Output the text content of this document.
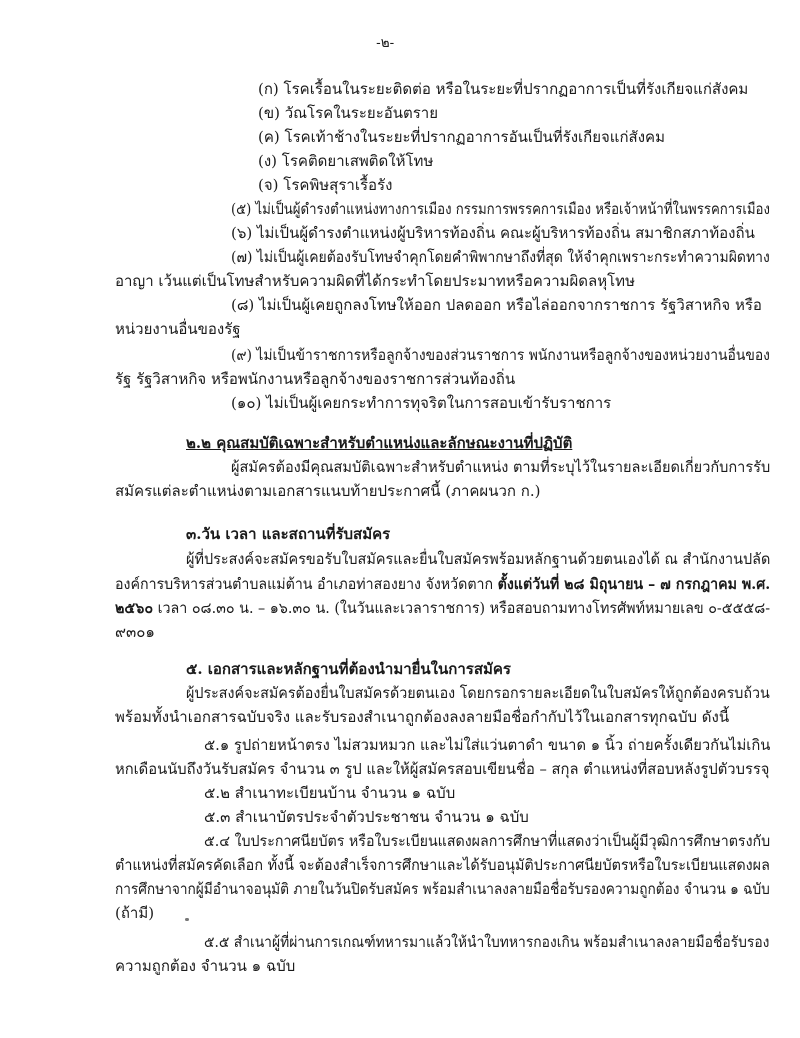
-๒-
(ก) โรคเรื้อนในระยะติดต่อ หรือในระยะที่ปรากฏอาการเป็นที่รังเกียจแก่สังคม
(ข) วัณโรคในระยะอันตราย
(ค) โรคเท้าช้างในระยะที่ปรากฏอาการอันเป็นที่รังเกียจแก่สังคม
(ง) โรคติดยาเสพติดให้โทษ
(จ) โรคพิษสุราเรื้อรัง
(๕) ไม่เป็นผู้ดำรงตำแหน่งทางการเมือง กรรมการพรรคการเมือง หรือเจ้าหน้าที่ในพรรคการเมือง
(๖) ไม่เป็นผู้ดำรงตำแหน่งผู้บริหารท้องถิ่น คณะผู้บริหารท้องถิ่น สมาชิกสภาท้องถิ่น
(๗) ไม่เป็นผู้เคยต้องรับโทษจำคุกโดยคำพิพากษาถึงที่สุด ให้จำคุกเพราะกระทำความผิดทาง
อาญา เว้นแต่เป็นโทษสำหรับความผิดที่ได้กระทำโดยประมาทหรือความผิดลหุโทษ
(๘) ไม่เป็นผู้เคยถูกลงโทษให้ออก ปลดออก หรือไล่ออกจากราชการ รัฐวิสาหกิจ หรือ
หน่วยงานอื่นของรัฐ
(๙) ไม่เป็นข้าราชการหรือลูกจ้างของส่วนราชการ พนักงานหรือลูกจ้างของหน่วยงานอื่นของ
รัฐ รัฐวิสาหกิจ หรือพนักงานหรือลูกจ้างของราชการส่วนท้องถิ่น
(๑๐) ไม่เป็นผู้เคยกระทำการทุจริตในการสอบเข้ารับราชการ
๒.๒ คุณสมบัติเฉพาะสำหรับตำแหน่งและลักษณะงานที่ปฏิบัติ
ผู้สมัครต้องมีคุณสมบัติเฉพาะสำหรับตำแหน่ง ตามที่ระบุไว้ในรายละเอียดเกี่ยวกับการรับ
สมัครแต่ละตำแหน่งตามเอกสารแนบท้ายประกาศนี้ (ภาคผนวก ก.)
๓.วัน เวลา และสถานที่รับสมัคร
ผู้ที่ประสงค์จะสมัครขอรับใบสมัครและยื่นใบสมัครพร้อมหลักฐานด้วยตนเองได้ ณ สำนักงานปลัด
องค์การบริหารส่วนตำบลแม่ต้าน อำเภอท่าสองยาง จังหวัดตาก ตั้งแต่วันที่ ๒๘ มิถุนายน – ๗ กรกฎาคม พ.ศ.
๒๕๖๐ เวลา ๐๘.๓๐ น. – ๑๖.๓๐ น. (ในวันและเวลาราชการ) หรือสอบถามทางโทรศัพท์หมายเลข ๐-๕๕๕๘-
๙๓๐๑
๕. เอกสารและหลักฐานที่ต้องนำมายื่นในการสมัคร
ผู้ประสงค์จะสมัครต้องยื่นใบสมัครด้วยตนเอง โดยกรอกรายละเอียดในใบสมัครให้ถูกต้องครบถ้วน
พร้อมทั้งนำเอกสารฉบับจริง และรับรองสำเนาถูกต้องลงลายมือชื่อกำกับไว้ในเอกสารทุกฉบับ ดังนี้
๕.๑ รูปถ่ายหน้าตรง ไม่สวมหมวก และไม่ใส่แว่นตาดำ ขนาด ๑ นิ้ว ถ่ายครั้งเดียวกันไม่เกิน
หกเดือนนับถึงวันรับสมัคร จำนวน ๓ รูป และให้ผู้สมัครสอบเขียนชื่อ – สกุล ตำแหน่งที่สอบหลังรูปตัวบรรจุ
๕.๒ สำเนาทะเบียนบ้าน จำนวน ๑ ฉบับ
๕.๓ สำเนาบัตรประจำตัวประชาชน จำนวน ๑ ฉบับ
๕.๔ ใบประกาศนียบัตร หรือใบระเบียนแสดงผลการศึกษาที่แสดงว่าเป็นผู้มีวุฒิการศึกษาตรงกับ
ตำแหน่งที่สมัครคัดเลือก ทั้งนี้ จะต้องสำเร็จการศึกษาและได้รับอนุมัติประกาศนียบัตรหรือใบระเบียนแสดงผล
การศึกษาจากผู้มีอำนาจอนุมัติ ภายในวันปิดรับสมัคร พร้อมสำเนาลงลายมือชื่อรับรองความถูกต้อง จำนวน ๑ ฉบับ
(ถ้ามี)
๕.๕ สำเนาผู้ที่ผ่านการเกณฑ์ทหารมาแล้วให้นำใบทหารกองเกิน พร้อมสำเนาลงลายมือชื่อรับรอง
ความถูกต้อง จำนวน ๑ ฉบับ
